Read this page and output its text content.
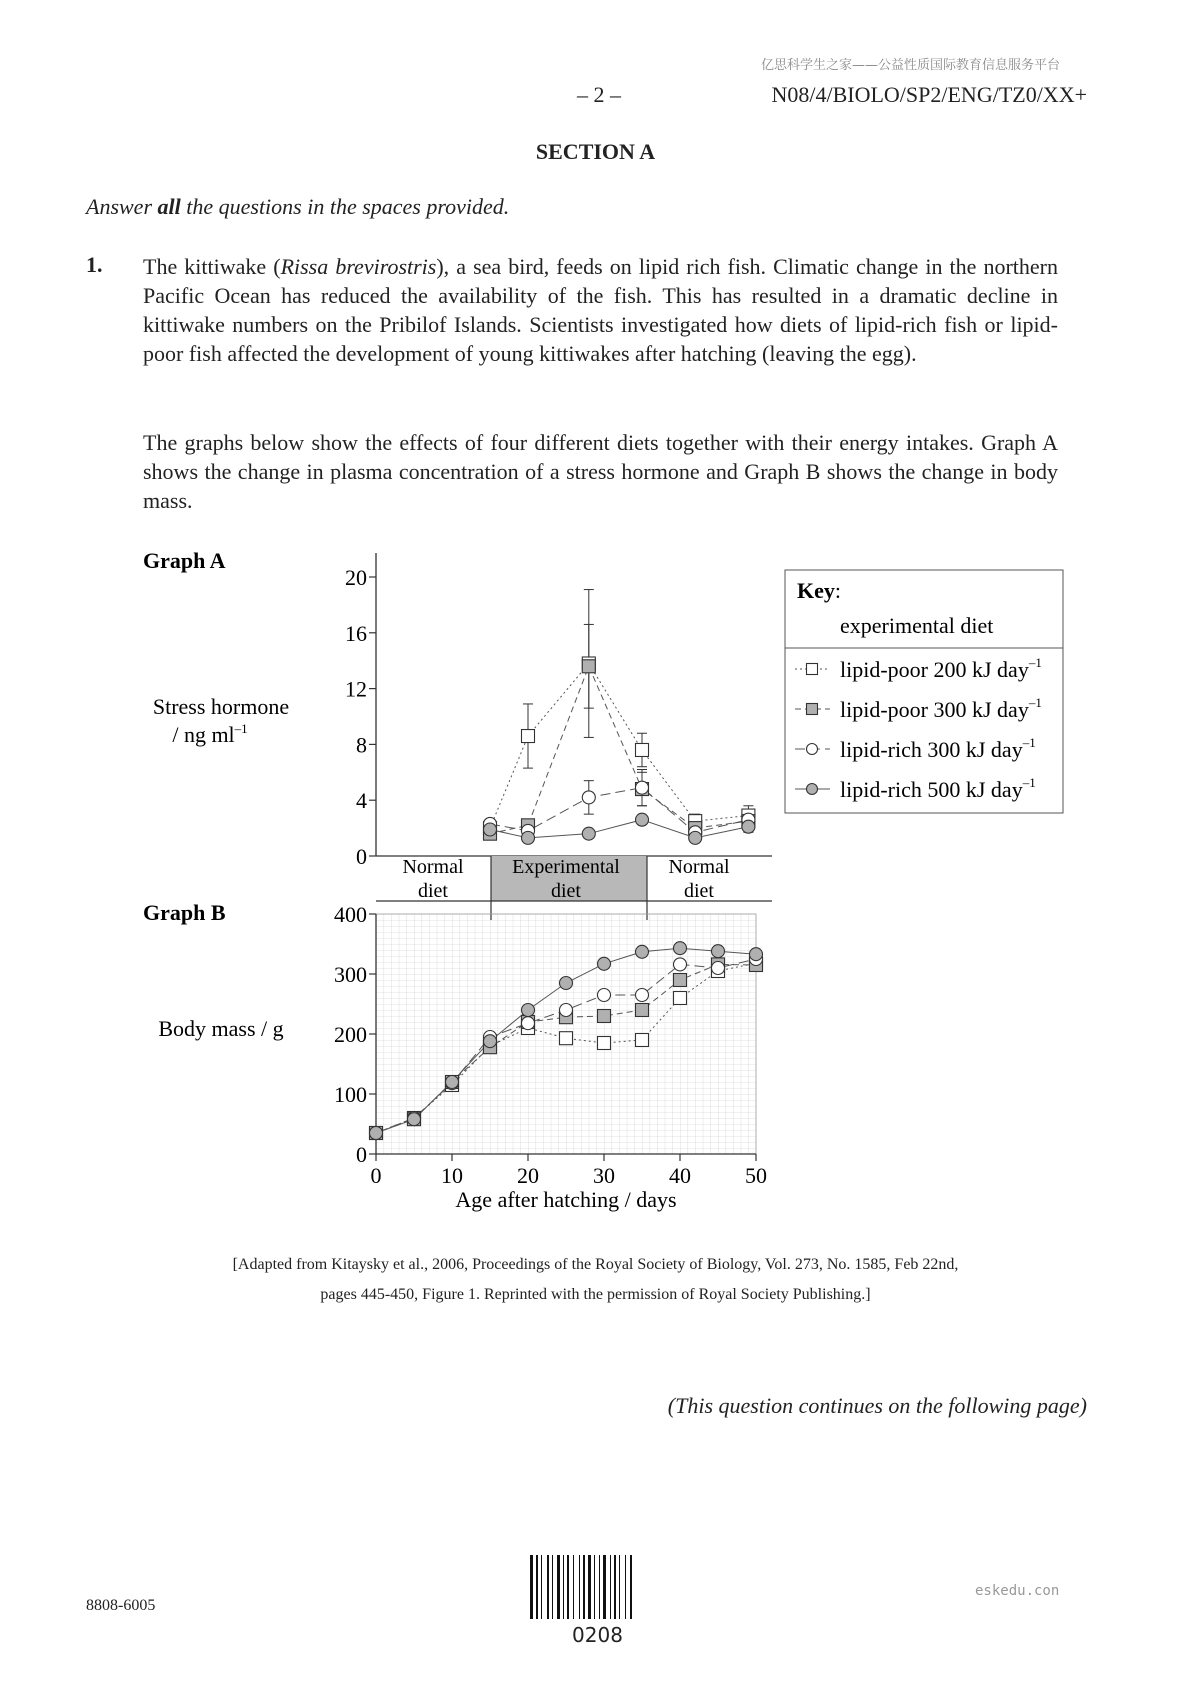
亿思科学生之家——公益性质国际教育信息服务平台
– 2 –	N08/4/BIOLO/SP2/ENG/TZ0/XX+
SECTION A
Answer all the questions in the spaces provided.
1. The kittiwake (Rissa brevirostris), a sea bird, feeds on lipid rich fish. Climatic change in the northern Pacific Ocean has reduced the availability of the fish. This has resulted in a dramatic decline in kittiwake numbers on the Pribilof Islands. Scientists investigated how diets of lipid-rich fish or lipid-poor fish affected the development of young kittiwakes after hatching (leaving the egg).
The graphs below show the effects of four different diets together with their energy intakes. Graph A shows the change in plasma concentration of a stress hormone and Graph B shows the change in body mass.
Graph A
Stress hormone
/ ng $ml^{-1}$
0
4
8
12
16
20
Normal
diet
Experimental
diet
Normal
diet
Graph B
Body mass / g
0
100
200
300
400
0	10 20 30 40 50
Age after hatching / days
Key:
experimental diet
lipid-poor 200 kJ day$^{-1}$
lipid-poor 300 kJ day$^{-1}$
lipid-rich 300 kJ day$^{-1}$
lipid-rich 500 kJ day$^{-1}$
[Adapted from Kitaysky et al., 2006, Proceedings of the Royal Society of Biology, Vol. 273, No. 1585, Feb 22nd,
pages 445-450, Figure 1. Reprinted with the permission of Royal Society Publishing.]
(This question continues on the following page)
8808-6005
eskedu.con
0208
